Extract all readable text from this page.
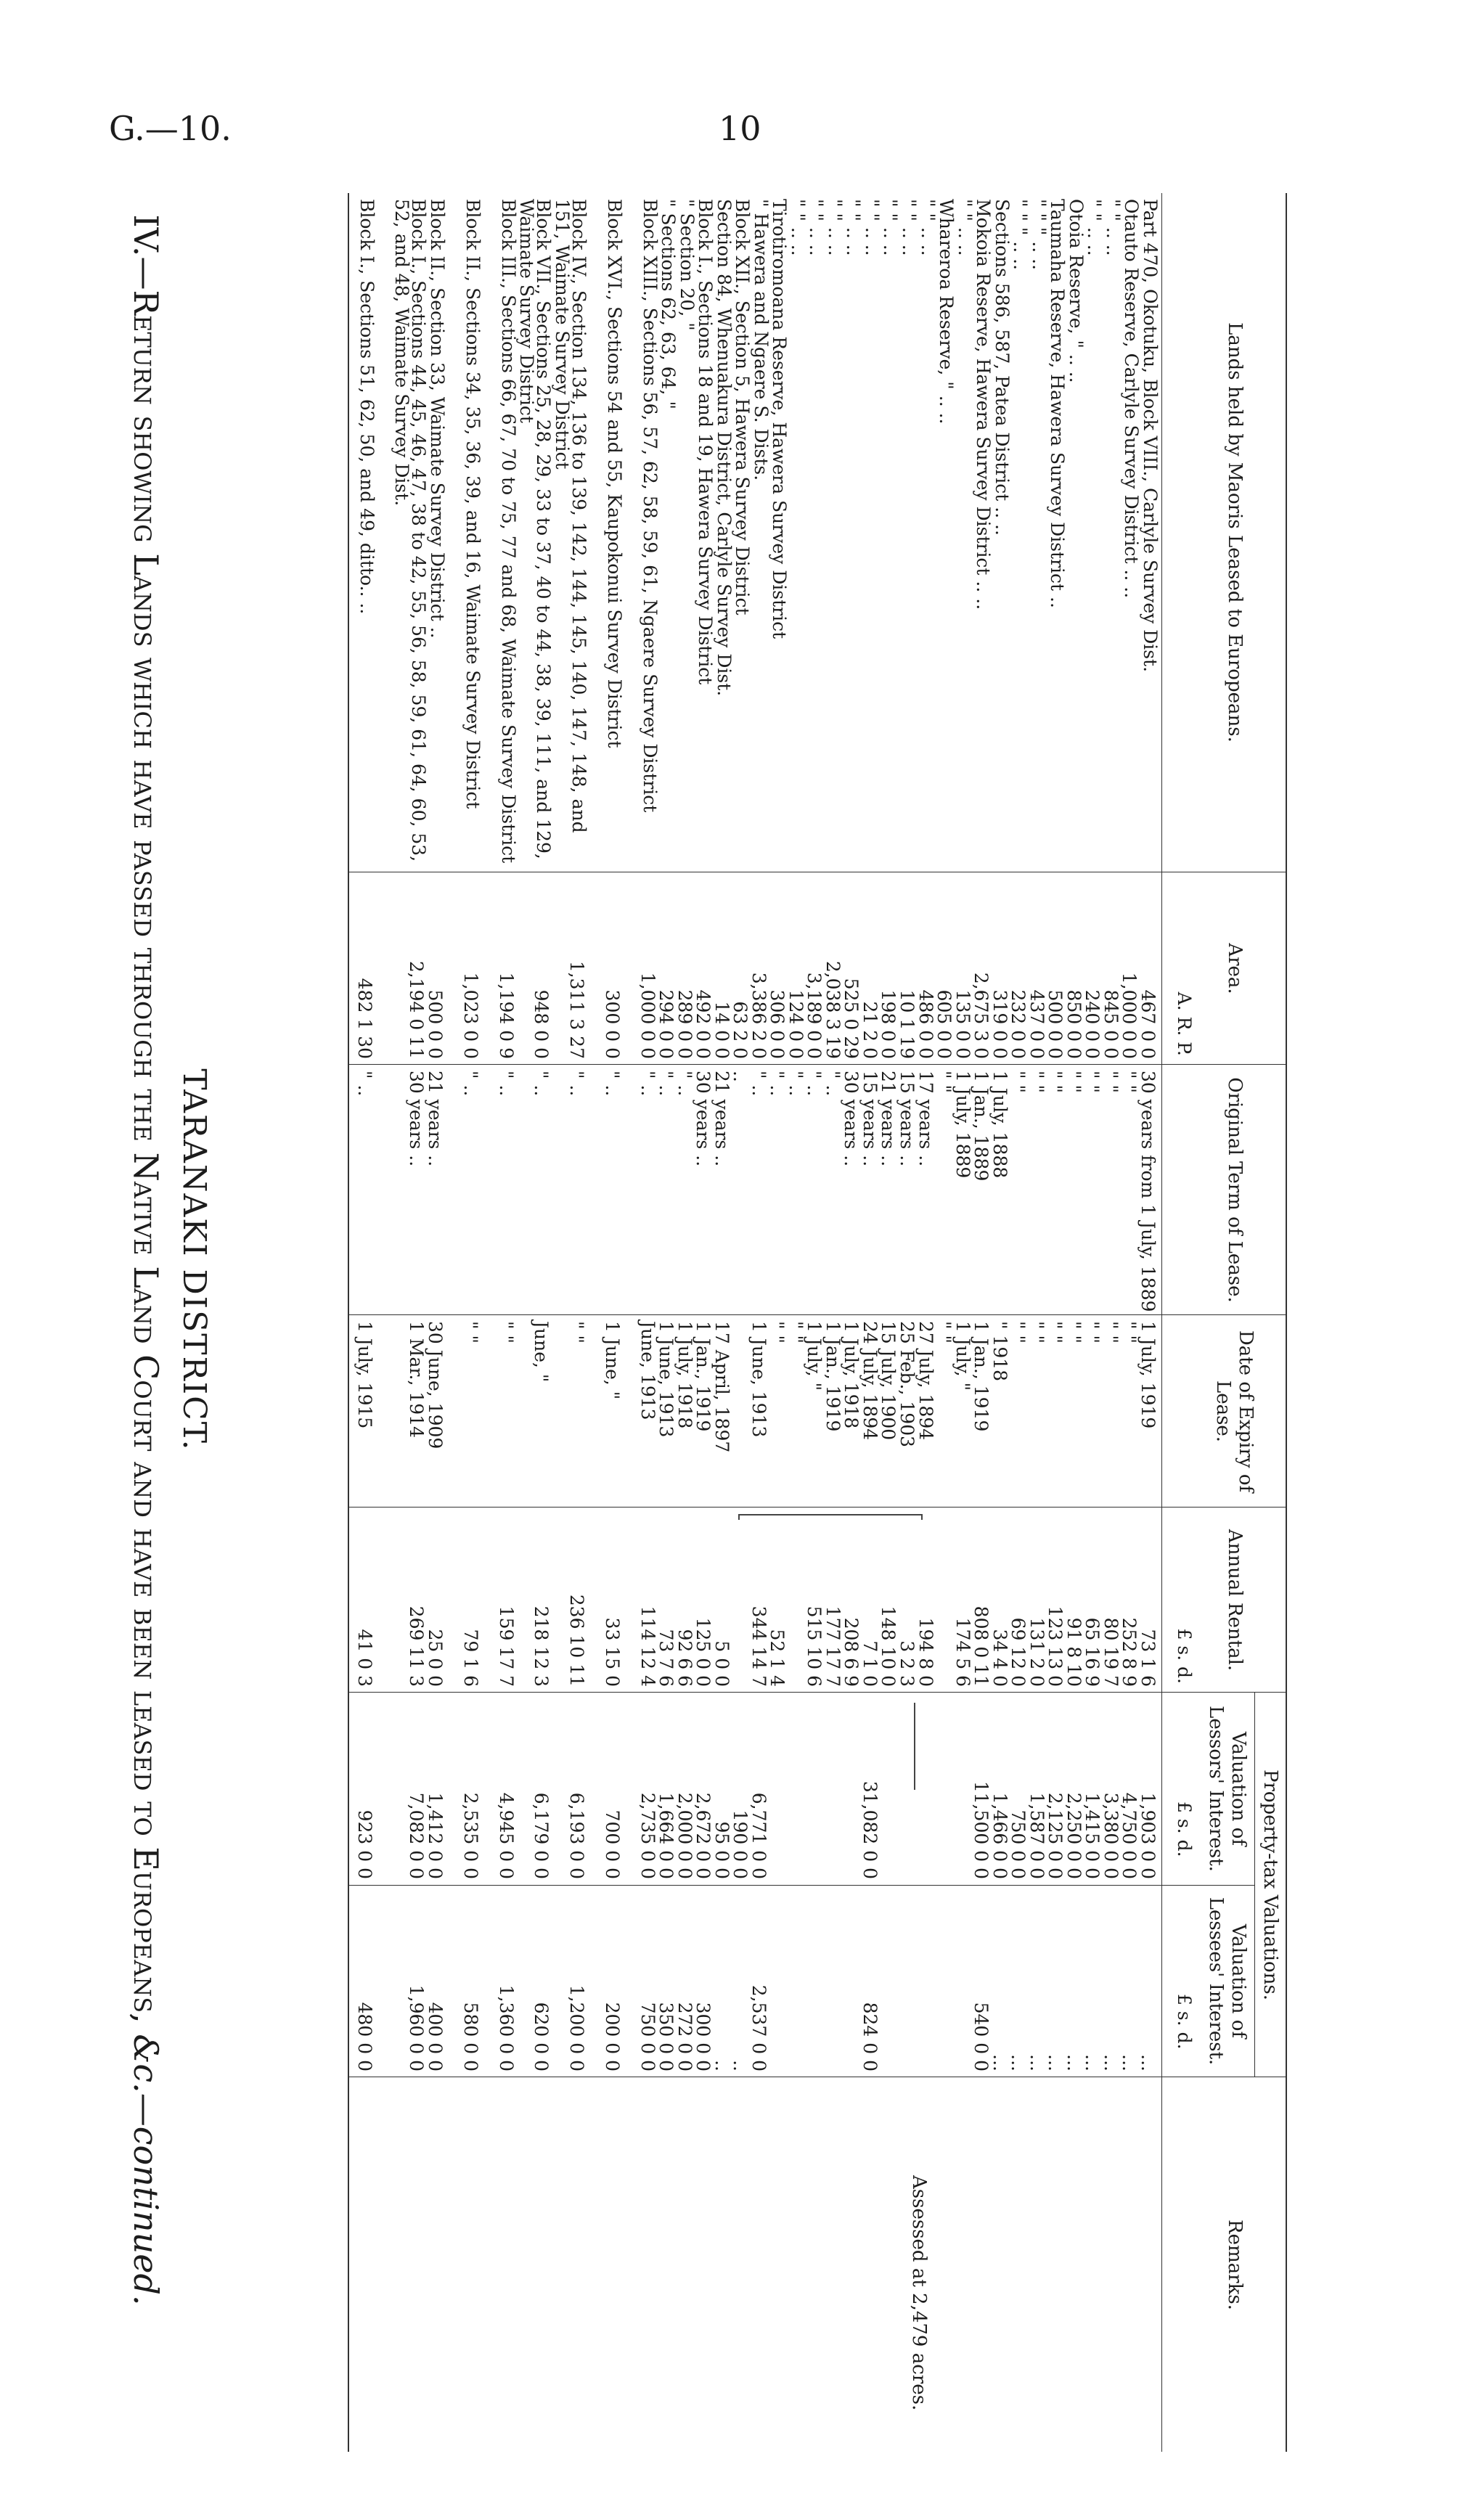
G.—10.	10
TARANAKI DISTRICT.
IV.—Return showing Lands which have passed through the Native Land Court and have been leased to Europeans, &c.—continued.
Lands held by Maoris Leased to Europeans.
Part 470, Okotuku, Block VIII., Carlyle Survey Dist.
Otauto Reserve, Carlyle Survey District .. ..
" " .. ..
" " .. ..
Otoia Reserve, " .. ..
Taumaha Reserve, Hawera Survey District ..
" " " .. ..
" " " .. ..
Sections 586, 587, Patea District .. ..
Mokoia Reserve, Hawera Survey District .. ..
" " .. ..
Whareroa Reserve, " .. ..
" " .. ..
" " .. ..
" " .. ..
" " .. ..
" " .. ..
" " .. ..
" " .. ..
" " .. ..
Tirotiromoana Reserve, Hawera Survey District
" Hawera and Ngaere S. Dists.
Block XII., Section 5, Hawera Survey District
Section 84, Whenuakura District, Carlyle Survey Dist.
Block I., Sections 18 and 19, Hawera Survey District
" Section 20, "
" Sections 62, 63, 64, "
Block XIII., Sections 56, 57, 62, 58, 59, 61, Ngaere Survey District
Block XVI., Sections 54 and 55, Kaupokonui Survey District
Block IV., Section 134, 136 to 139, 142, 144, 145, 140, 147, 148, and 151, Waimate Survey District
Block VII., Sections 25, 28, 29, 33 to 37, 40 to 44, 38, 39, 111, and 129, Waimate Survey District
Block III., Sections 66, 67, 70 to 75, 77 and 68, Waimate Survey District
Block II., Sections 34, 35, 36, 39, and 16, Waimate Survey District
Block II., Section 33, Waimate Survey District ..
Block I., Sections 44, 45, 46, 47, 38 to 42, 55, 56, 58, 59, 61, 64, 60, 53, 52, and 48, Waimate Survey Dist.
Block I., Sections 51, 62, 50, and 49, ditto.. ..
Area.
A. R. P.
467 0 0
1,000 0 0
845 0 0
240 0 0
850 0 0
500 0 0
437 0 0
232 0 0
319 0 0
2,675 3 0
135 0 0
605 0 0
486 0 0
10 1 19
198 0 0
21 2 0
525 0 29
2,038 3 19
3,189 0 0
124 0 0
306 0 0
3,386 2 0
63 2 0
14 0 0
492 0 0
289 0 0
294 0 0
1,000 0 0
300 0 0
1,311 3 27
948 0 0
1,194 0 9
1,023 0 0
500 0 0
2,194 0 11
482 1 30
Original Term of Lease.
30 years from 1 July, 1889
" "
" "
" "
" "
" "
" "
" "
1 July, 1888
1 Jan., 1889
1 July, 1889
" "
17 years ..
15 years ..
21 years ..
15 years ..
30 years ..
" ..
" ..
" ..
" ..
" ..
..
21 years ..
30 years ..
" ..
" ..
" ..
" ..
" ..
" ..
" ..
" ..
21 years ..
30 years ..
" ..
Date of Expiry of Lease.
1 July, 1919
" "
" "
" "
" "
" "
" "
" "
" 1918
1 Jan., 1919
1 July, "
" "
27 July, 1894
25 Feb., 1903
15 July, 1900
24 July, 1894
1 July, 1918
1 Jan., 1919
1 July, "
" "
" "
1 June, 1913
17 April, 1897
1 Jan., 1919
1 July, 1918
1 June, 1913
June, 1913
1 June, "
" "
June, "
" "
" "
30 June, 1909
1 Mar., 1914
1 July, 1915
Annual Rental.
£ s. d.
73 1 6
252 8 9
80 19 7
65 16 9
91 8 10
123 13 0
131 2 0
69 12 0
34 4 0
808 0 11
174 5 6
194 8 0
3 2 3
148 10 0
7 1 0
208 6 9
177 17 7
515 10 6
52 1 4
344 14 7
5 0 0
125 0 0
92 6 6
73 7 6
114 12 4
33 15 0
236 10 11
218 12 3
159 17 7
79 1 6
25 0 0
269 11 3
41 0 3
Property-tax Valuations.
Valuation of Lessors' Interest.
Valuation of Lessees' Interest.
£ s. d.
£ s. d.
1,903 0 0
4,750 0 0
3,380 0 0
1,415 0 0
2,250 0 0
2,125 0 0
1,587 0 0
750 0 0
1,466 0 0
11,500 0 0
31,082 0 0
6,771 0 0
190 0 0
95 0 0
2,672 0 0
2,000 0 0
1,664 0 0
2,735 0 0
700 0 0
6,193 0 0
6,179 0 0
4,945 0 0
2,535 0 0
1,412 0 0
7,082 0 0
923 0 0
...
...
...
...
...
...
...
...
...
540 0 0
824 0 0
2,537 0 0
..
..
300 0 0
272 0 0
350 0 0
750 0 0
200 0 0
1,200 0 0
620 0 0
1,360 0 0
580 0 0
400 0 0
1,960 0 0
480 0 0
Remarks.
Assessed at 2,479 acres.
